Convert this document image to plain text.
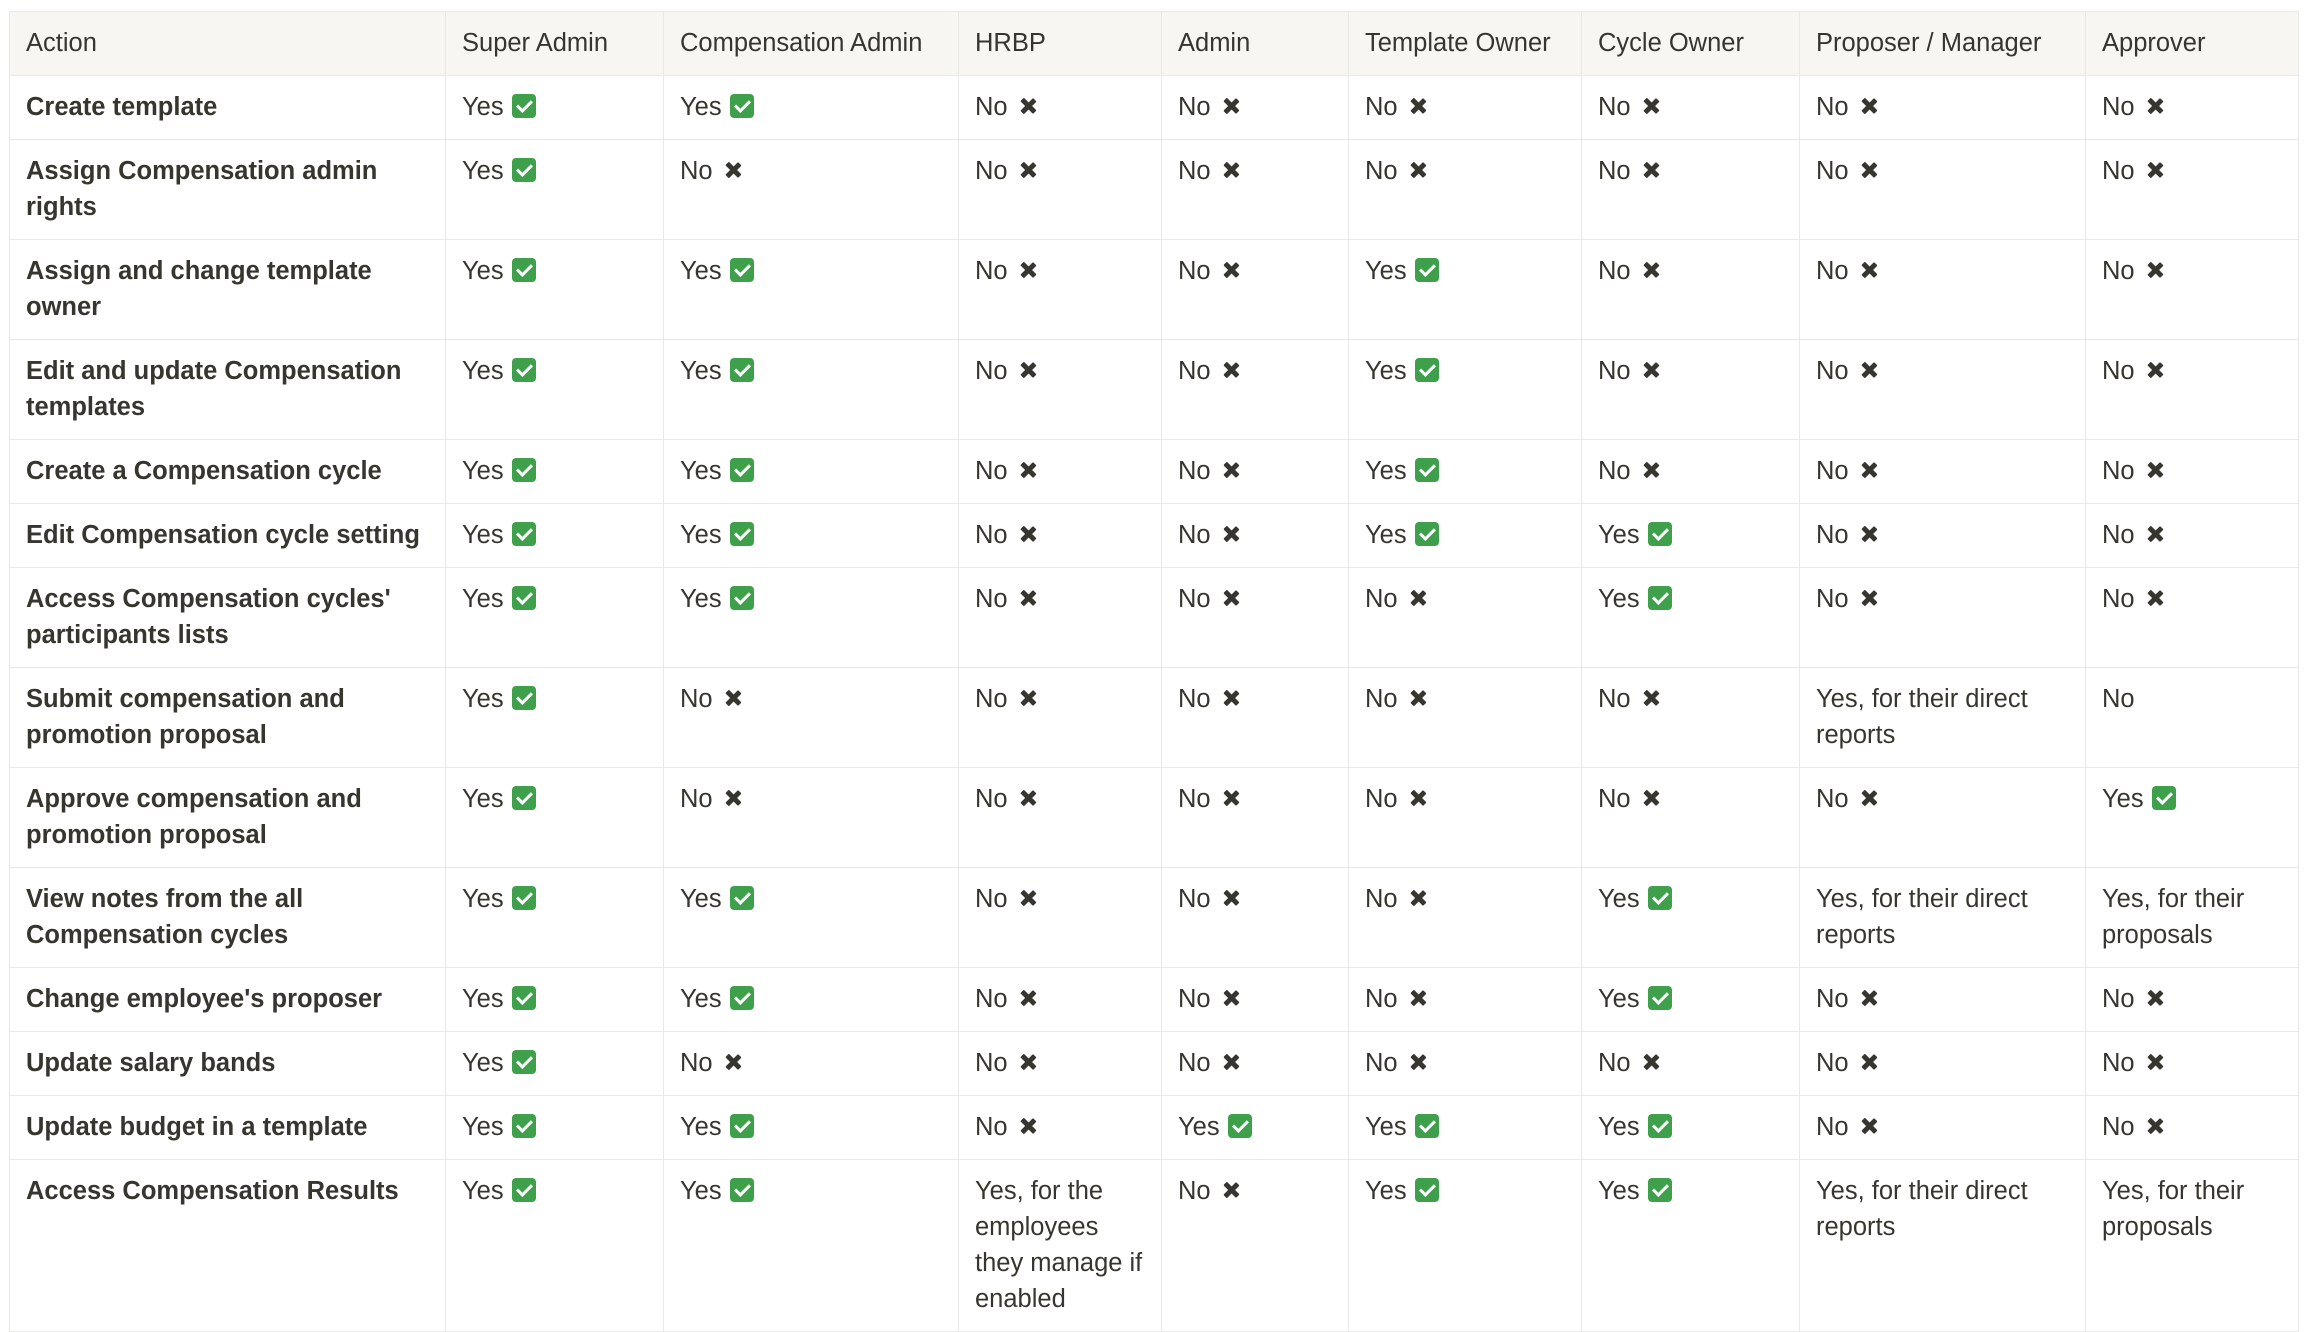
Action	Super Admin	Compensation Admin	HRBP	Admin	Template Owner	Cycle Owner	Proposer / Manager	Approver
Create template	Yes	Yes	No	No	No	No	No	No
Assign Compensation admin rights	Yes	No	No	No	No	No	No	No
Assign and change template owner	Yes	Yes	No	No	Yes	No	No	No
Edit and update Compensation templates	Yes	Yes	No	No	Yes	No	No	No
Create a Compensation cycle	Yes	Yes	No	No	Yes	No	No	No
Edit Compensation cycle setting	Yes	Yes	No	No	Yes	Yes	No	No
Access Compensation cycles' participants lists	Yes	Yes	No	No	No	Yes	No	No
Submit compensation and promotion proposal	Yes	No	No	No	No	No	Yes, for their direct reports	No
Approve compensation and promotion proposal	Yes	No	No	No	No	No	No	Yes
View notes from the all Compensation cycles	Yes	Yes	No	No	No	Yes	Yes, for their direct reports	Yes, for their proposals
Change employee's proposer	Yes	Yes	No	No	No	Yes	No	No
Update salary bands	Yes	No	No	No	No	No	No	No
Update budget in a template	Yes	Yes	No	Yes	Yes	Yes	No	No
Access Compensation Results	Yes	Yes	Yes, for the employees they manage if enabled	No	Yes	Yes	Yes, for their direct reports	Yes, for their proposals
